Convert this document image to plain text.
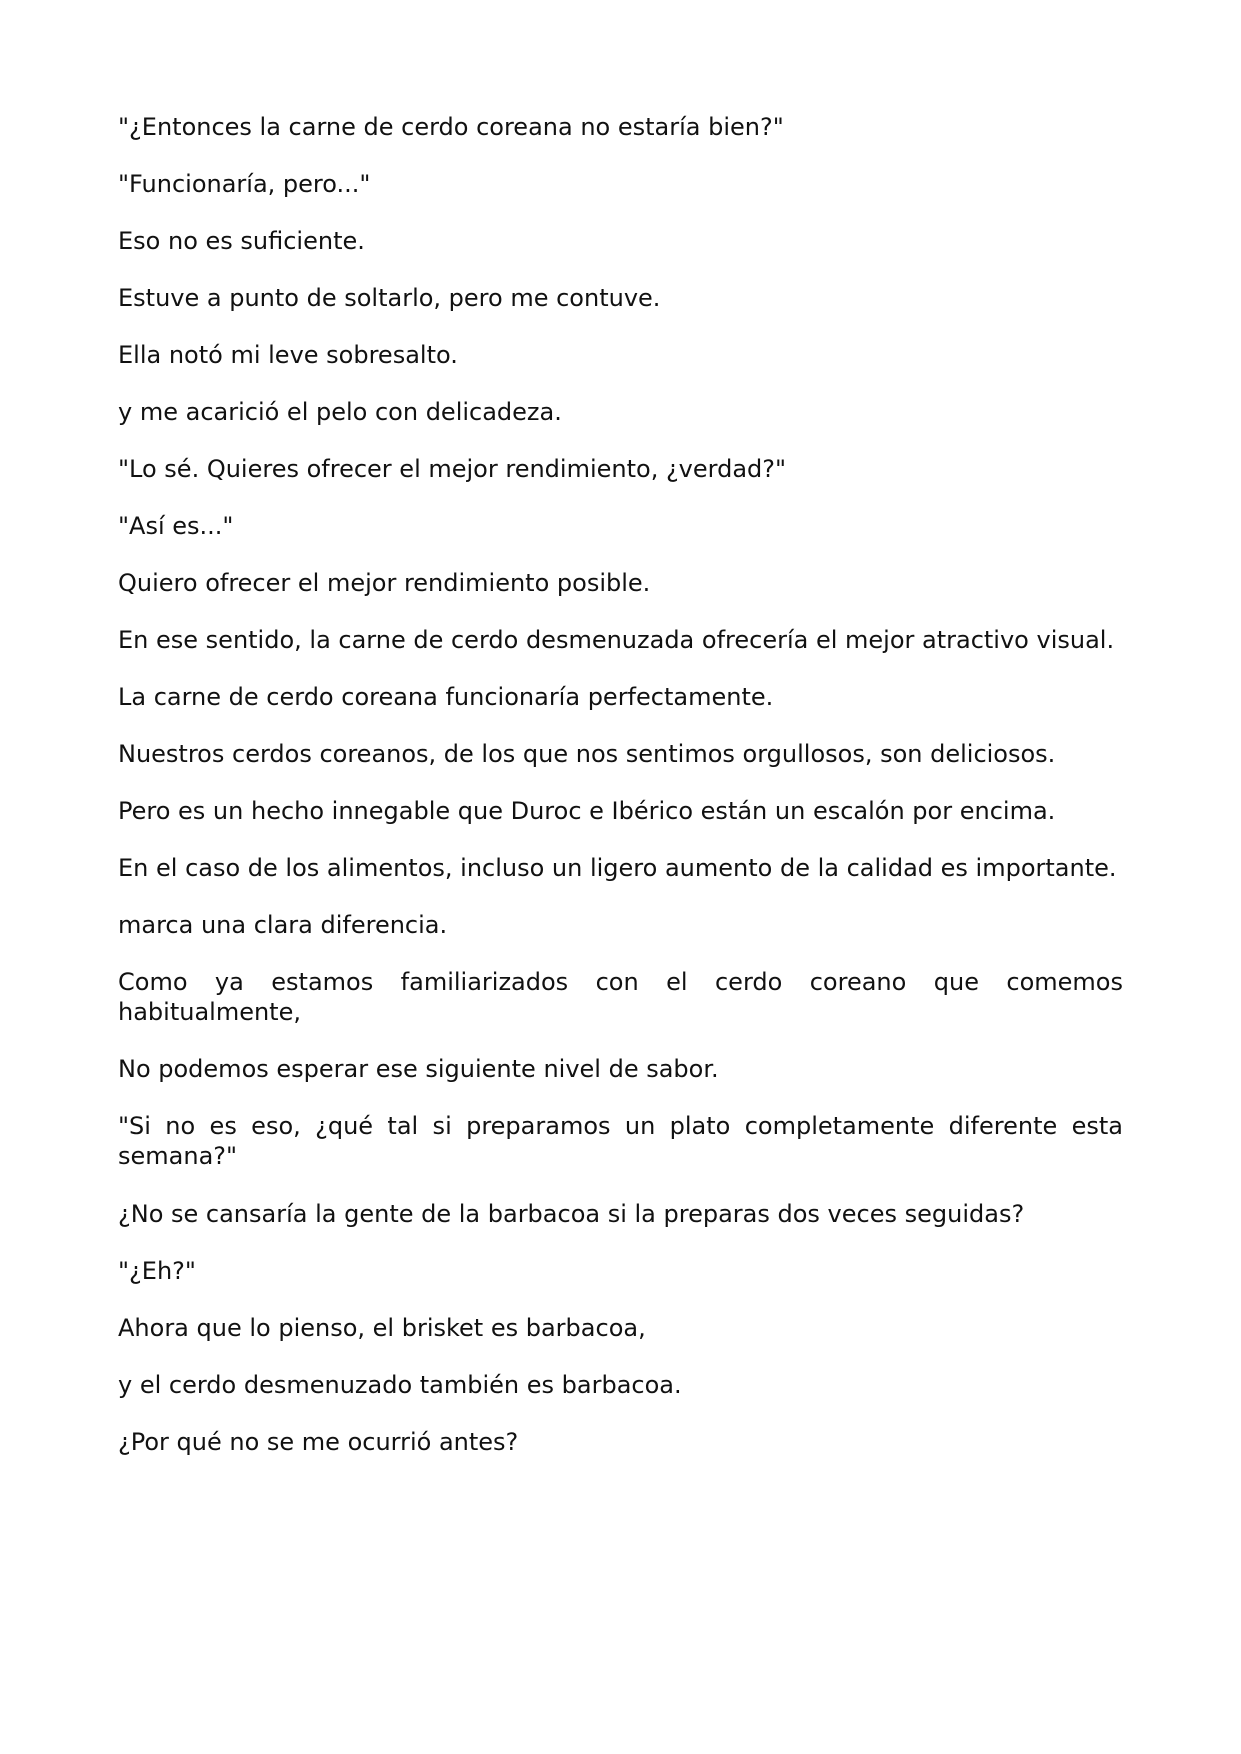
"¿Entonces la carne de cerdo coreana no estaría bien?"

"Funcionaría, pero..."

Eso no es suficiente.

Estuve a punto de soltarlo, pero me contuve.

Ella notó mi leve sobresalto.

y me acarició el pelo con delicadeza.

"Lo sé. Quieres ofrecer el mejor rendimiento, ¿verdad?"

"Así es..."

Quiero ofrecer el mejor rendimiento posible.

En ese sentido, la carne de cerdo desmenuzada ofrecería el mejor atractivo visual.

La carne de cerdo coreana funcionaría perfectamente.

Nuestros cerdos coreanos, de los que nos sentimos orgullosos, son deliciosos.

Pero es un hecho innegable que Duroc e Ibérico están un escalón por encima.

En el caso de los alimentos, incluso un ligero aumento de la calidad es importante.

marca una clara diferencia.

Como ya estamos familiarizados con el cerdo coreano que comemos habitualmente,

No podemos esperar ese siguiente nivel de sabor.

"Si no es eso, ¿qué tal si preparamos un plato completamente diferente esta semana?"

¿No se cansaría la gente de la barbacoa si la preparas dos veces seguidas?

"¿Eh?"

Ahora que lo pienso, el brisket es barbacoa,

y el cerdo desmenuzado también es barbacoa.

¿Por qué no se me ocurrió antes?
